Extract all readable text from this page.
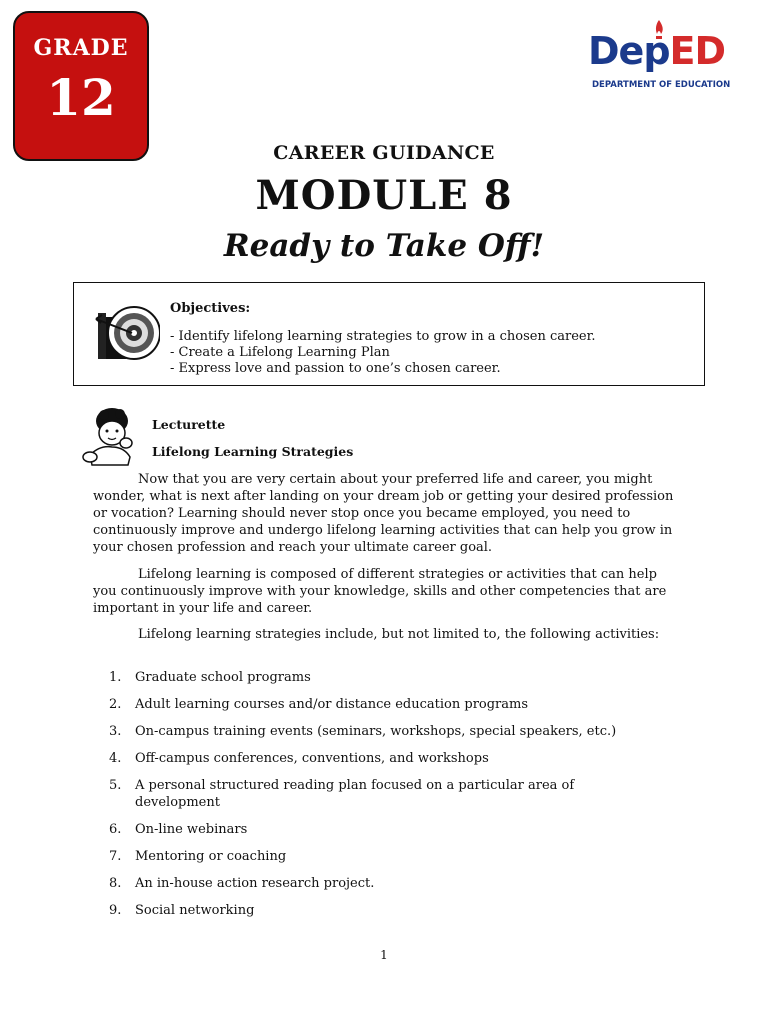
GRADE
12
DepED
DEPARTMENT OF EDUCATION
CAREER GUIDANCE
MODULE 8
Ready to Take Off!
Objectives:
- Identify lifelong learning strategies to grow in a chosen career.
- Create a Lifelong Learning Plan
- Express love and passion to one’s chosen career.
Lecturette
Lifelong Learning Strategies

Now that you are very certain about your preferred life and career, you might wonder, what is next after landing on your dream job or getting your desired profession or vocation? Learning should never stop once you became employed, you need to continuously improve and undergo lifelong learning activities that can help you grow in your chosen profession and reach your ultimate career goal.

Lifelong learning is composed of different strategies or activities that can help you continuously improve with your knowledge, skills and other competencies that are important in your life and career.

Lifelong learning strategies include, but not limited to, the following activities:

1. Graduate school programs
2. Adult learning courses and/or distance education programs
3. On-campus training events (seminars, workshops, special speakers, etc.)
4. Off-campus conferences, conventions, and workshops
5. A personal structured reading plan focused on a particular area of development
6. On-line webinars
7. Mentoring or coaching
8. An in-house action research project.
9. Social networking
1
